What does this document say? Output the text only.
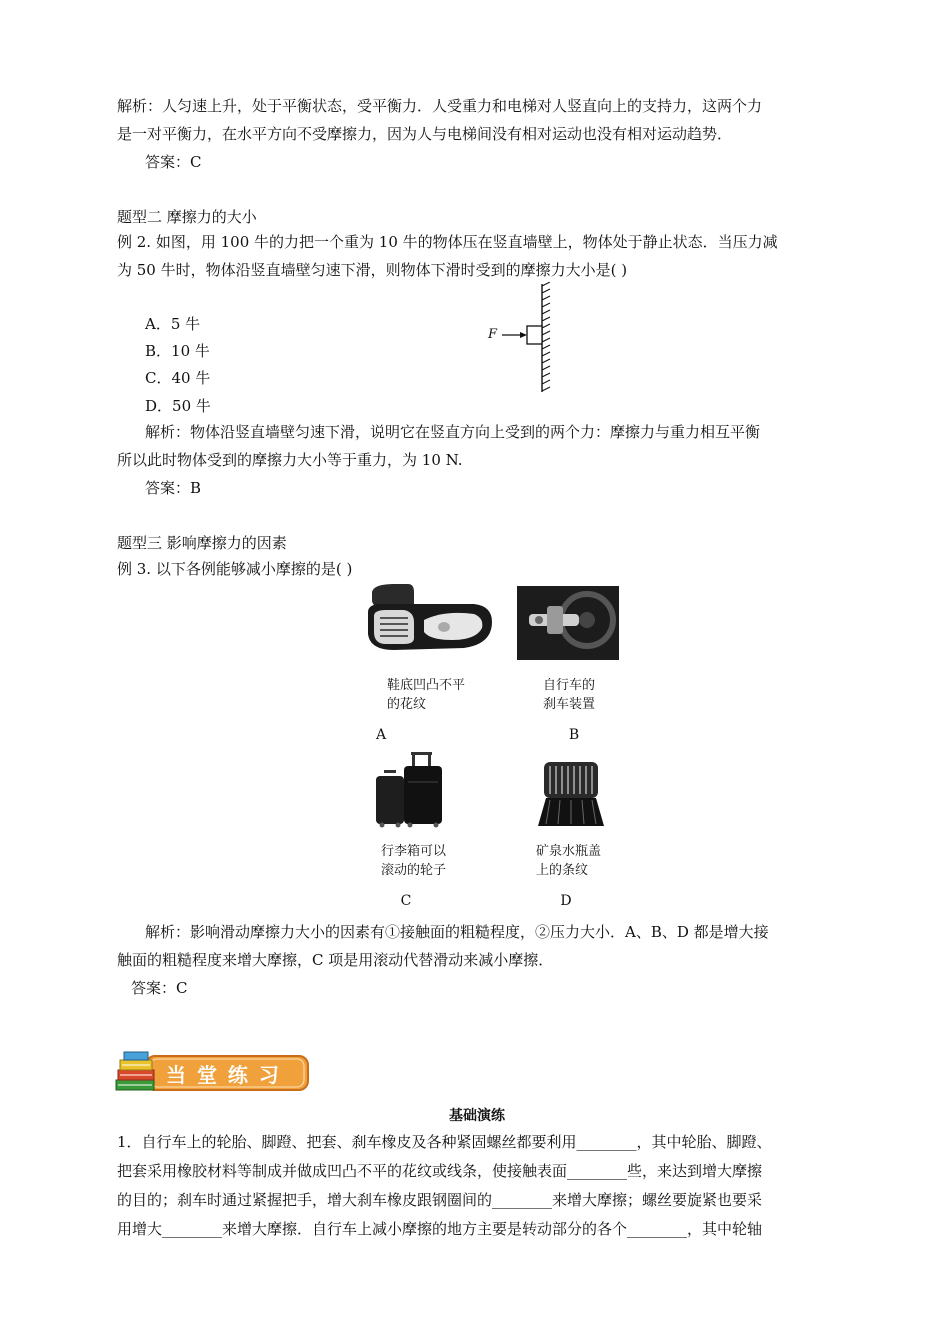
解析：人匀速上升，处于平衡状态，受平衡力．人受重力和电梯对人竖直向上的支持力，这两个力

是一对平衡力，在水平方向不受摩擦力，因为人与电梯间没有相对运动也没有相对运动趋势．

答案：C

题型二 摩擦力的大小

例 2. 如图，用 100 牛的力把一个重为 10 牛的物体压在竖直墙壁上，物体处于静止状态．当压力减

为 50 牛时，物体沿竖直墙壁匀速下滑，则物体下滑时受到的摩擦力大小是( )

A．5 牛
B．10 牛
C．40 牛
D．50 牛
F

解析：物体沿竖直墙壁匀速下滑，说明它在竖直方向上受到的两个力：摩擦力与重力相互平衡

所以此时物体受到的摩擦力大小等于重力，为 10 N.

答案：B

题型三 影响摩擦力的因素

例 3. 以下各例能够减小摩擦的是( )

鞋底凹凸不平
的花纹
自行车的
刹车装置
A	B
行李箱可以
滚动的轮子
矿泉水瓶盖
上的条纹
C	D

解析：影响滑动摩擦力大小的因素有①接触面的粗糙程度，②压力大小．A、B、D 都是增大接

触面的粗糙程度来增大摩擦，C 项是用滚动代替滑动来减小摩擦．

答案：C

当 堂 练 习
基础演练

1．自行车上的轮胎、脚蹬、把套、刹车橡皮及各种紧固螺丝都要利用________，其中轮胎、脚蹬、

把套采用橡胶材料等制成并做成凹凸不平的花纹或线条，使接触表面________些，来达到增大摩擦

的目的；刹车时通过紧握把手，增大刹车橡皮跟钢圈间的________来增大摩擦；螺丝要旋紧也要采

用增大________来增大摩擦．自行车上减小摩擦的地方主要是转动部分的各个________，其中轮轴
